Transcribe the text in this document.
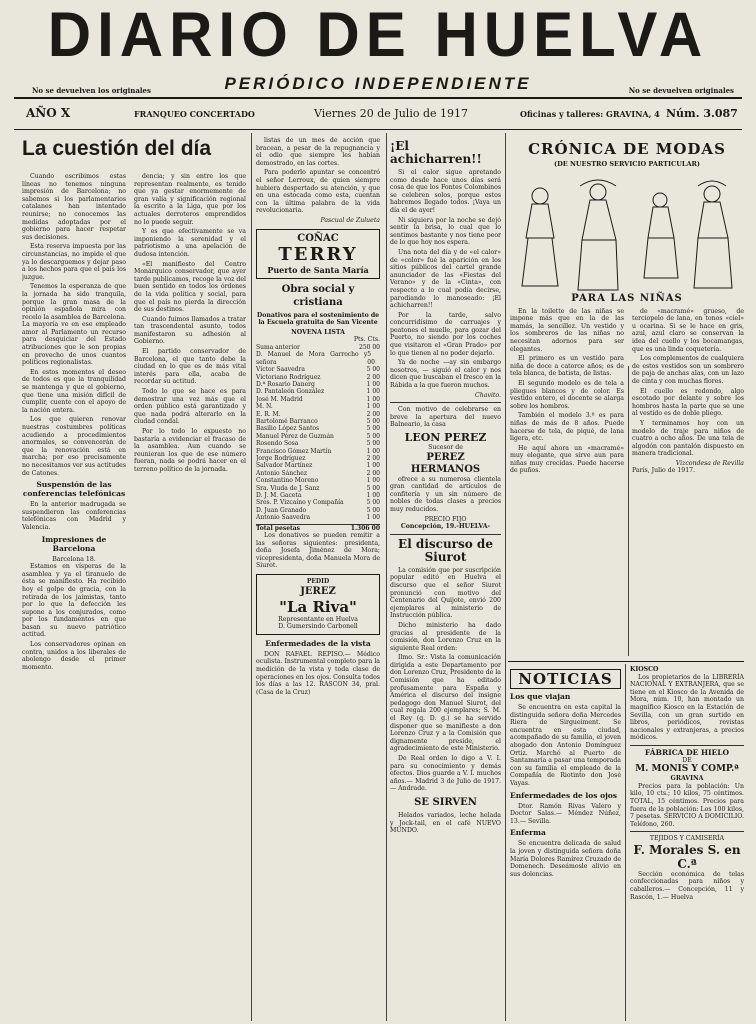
DIARIO DE HUELVA
PERIÓDICO INDEPENDIENTE
No se devuelven los originales	No se devuelven originales
AÑO X	FRANQUEO CONCERTADO	Viernes 20 de Julio de 1917	Oficinas y talleres: GRAVINA, 4 Núm. 3.087
La cuestión del día

Cuando escribimos estas líneas no tenemos ninguna impresión de Barcelona; no sabemos si los parlamentarios catalanes han intentado reunirse; no conocemos las medidas adoptadas por el gobierno para hacer respetar sus decisiones.

Esta reserva impuesta por las circunstancias, no impide el que ya lo descarguemos y dejar paso a los hechos para que el país los juzgue.

Tenemos la esperanza de que la jornada ha sido tranquila, porque la gran masa de la opinión española mira con recelo la asamblea de Barcelona. La mayoría ve en ese empleado amor al Parlamento un recurso para desquiciar del Estado atribuciones que le son propias en provecho de unos cuantos políticos regionalistas.

En estos momentos el deseo de todos es que la tranquilidad se mantenga y que el gobierno, que tiene una misión difícil de cumplir, cuente con el apoyo de la nación entera.

Los que quieren renovar nuestras costumbres políticas acudiendo a procedimientos anormales, se convencerán de que la renovación está en marcha; por eso precisamente no necesitamos ver sus actitudes de Catones.

Suspensión de las conferencias telefónicas

En la anterior madrugada se suspendieron las conferencias telefónicas con Madrid y Valencia.

Impresiones de Barcelona
Barcelona 18.

Estamos en vísperas de la asamblea y ya el tiranuelo de ésta se manifiesto. Ha recibido hoy el golpe de gracia, con la retirada de los jaimistas, tanto por lo que la defección les supone a los conjurados, como por los fundamentos en que basan su nuevo patriótico actitud.

Los conservadores opinan en contra, unidos a los liberales de abolengo desde el primer momento.

dencia; y sin entre los que representan realmente, es tenido que ya gestar enormemente de gran valía y significación regional la escrito a la Liga, que por los actuales derroteros emprendidos no lo puede seguir.

Y es que efectivamente se va imponiendo la serenidad y el patriotismo a una apelación de dudosa intención.

«El manifiesto del Centro Monárquico conservador, que ayer tarde publicamos, recoge la voz del buen sentido en todos los órdenes de la vida política y social, para que el país no pierda la dirección de sus destinos.

Cuando fuimos llamados a tratar tan trascendental asunto, todos manifestaron su adhesión al Gobierno.

El partido conservador de Barcelona, el que tanto debe la ciudad en lo que es de más vital interés para ella, acaba de recordar su actitud.

Todo lo que se hace es para demostrar una vez más que el orden público está garantizado y que nada podrá alterarlo en la ciudad condal.

Por lo todo lo expuesto no bastaría a evidenciar el fracaso de la asamblea. Aun cuando se reunieran los que de ese número fueran, nada se podrá hacer en el terreno político de la jornada.

listas de un mes de acción que bracean, a pesar de la repugnancia y el odio que siempre les habían demostrado, en las cortes.

Para poderlo apuntar se concentró el señor Lerroux, de quien siempre hubiera despertado su atención, y que en una estocada como esta, cuentan con la última palabra de la vida revolucionaria.

Pascual de Zulueta
COÑAC
TERRY
Puerto de Santa María
Obra social y cristiana

Donativos para el sostenimiento de la Escuela gratuita de San Vicente

NOVENA LISTA
Pts. Cts.
Suma anterior	250 00
D. Manuel de Mora Garrocho y señora
5 00
Víctor Saavedra	5 00
Victoriano Rodríguez	2 00
D.ª Rosario Danerg	1 00
D. Pantaleón González	1 00
José M. Madrid	1 00
M. N.	1 00
E. R. M.	2 00
Bartolomé Barranco	5 00
Basilio López Santos	5 00
Manuel Pérez de Guzmán	5 00
Rosendo Sosa	5 00
Francisco Gómez Martín	1 00
Jorge Rodríguez	2 00
Salvador Martínez	1 00
Antonio Sánchez	2 00
Constantino Moreno	1 00
Sra. Viuda de J. Sanz	5 00
D. J. M. Gaceta	1 00
Sres. P. Vizcaíno y Compañía	5 00
D. Juan Granado	5 00
Antonio Saavedra	1 00
Total pesetas	1.306 00

Los donativos se pueden remitir a las señoras siguientes: presidenta, doña Josefa Jiménez de Mora; vicepresidenta, doña Manuela Mora de Siurot.

PEDID
JEREZ
"La Riva"
Representante en Huelva
D. Gumersindo Carbonell
Enfermedades de la vista

DON RAFAEL REPISO.— Médico oculista. Instrumental completo para la medición de la vista y toda clase de operaciones en los ojos. Consulta todos los días a las 12. RASCON 34, pral. (Casa de la Cruz)

¡El achicharren!!

Si el calor sigue apretando como desde hace unos días será cosa de que los Fontes Colombinos se celebren solos, porque estos habremos llegado todos. ¡Vaya un día el de ayer!

Ni siquiera por la noche se dejó sentir la brisa, lo cual que lo sentimos bastante y nos tiene peor de lo que hoy nos espera.

Una nota del día y de «el calor» de «color» fué la aparición en los sitios públicos del cartel grande anunciador de las «Fiestas del Verano» y de la «Cinta», con respecto a lo cual podía decirse, parodiando lo manoseado: ¡El achicharren!!

Por la tarde, salvo concurridísimo de carruajes y peatones el muelle, para gozar del Puerto, no siendo por los coches que visitaron el «Gran Prado» por lo que tienen al no poder dejarlo.

Ya de noche —ay sin embargo nosotros, — siguió el calor y nos dicen que buscaban el fresco en la Rábida a la que fueron muchos.

Chavito.

Con motivo de celebrarse en breve la apertura del nuevo Balneario, la casa

LEON PEREZ
Sucesor de
PEREZ HERMANOS

ofrece a su numerosa clientela gran cantidad de artículos de confitería y un sin número de nobles de todas clases a precios muy reducidos.

PRECIO FIJO
Concepción, 19.-HUELVA-
El discurso de Siurot

La comisión que por suscripción popular editó en Huelva el discurso que el señor Siurot pronunció con motivo del Centenario del Quijote, envió 200 ejemplares al ministerio de Instrucción pública.

Dicho ministerio ha dado gracias al presidente de la comisión, don Lorenzo Cruz en la siguiente Real orden:

Ilmo. Sr.: Vista la comunicación dirigida a este Departamento por don Lorenzo Cruz, Presidente de la Comisión que ha editado profusamente para España y América el discurso del insigne pedagogo don Manuel Siurot, del cual regala 200 ejemplares; S. M. el Rey (q. D. g.) se ha servido disponer que se manifieste a don Lorenzo Cruz y a la Comisión que dignamente preside, el agradecimiento de este Ministerio.

De Real orden lo digo a V. I. para su conocimiento y demás efectos. Dios guarde a V. I. muchos años.— Madrid 3 de Julio de 1917.— Andrade.

SE SIRVEN

Helados variados, leche helada y Jock-tail, en el café NUEVO MUNDO.

CRÓNICA DE MODAS
(DE NUESTRO SERVICIO PARTICULAR)
PARA LAS NIÑAS

En la toilette de las niñas se impone más que en la de las mamás, la sencillez. Un vestido y los sombreros de las niñas no necesitan adornos para ser elegantes.

El primero es un vestido para niña de doce a catorce años; es de tela blanca, de batista, de listas.

El segundo modelo es de tela a pliegues blancos y de color. Es vestido entero, el docente se alarga sobre los hombros.

También el modelo 3.º es para niñas de más de 8 años. Puede hacerse de tela, de piqué, de lana ligera, etc.

He aquí ahora un «macramé» muy elegante, que sirve aun para niñas muy crecidas. Puede hacerse de puños.

de «macramé» grueso, de terciopelo de lana, en tonos «ciel» u ocarina. Si se le hace en gris, azul, azul claro se conservan la idea del cuello y los bocamangas, que es una linda coquetería.

Los complementos de cualquiera de estos vestidos son un sombrero de paja de anchas alas, con un lazo de cinta y con muchas flores.

El cuello es redondo, algo escotado por delante y sobre los hombros hasta la parte que se une al vestido es de doble pliego.

Y terminamos hoy con un modelo de traje para niños de cuatro a ocho años. De una tela de algodón con pantalón dispuesto en manera tradicional.

Vizcondesa de Revilla
París, Julio de 1917.
NOTICIAS
Los que viajan

Se encuentra en esta capital la distinguida señora doña Mercedes Riera de Sirgueiment. Se encuentra en esta ciudad, acompañado de su familia, el joven abogado don Antonio Domínguez Ortiz. Marchó al Puerto de Santamaría a pasar una temporada con su familia el empleado de la Compañía de Riotinto don José Vayas.

Enfermedades de los ojos

Dtor. Ramón Rivas Valero y Doctor Salas.— Méndez Núñez, 13.— Sevilla.

Enferma

Se encuentra delicada de salud la joven y distinguida señora doña María Dolores Ramírez Cruzado de Domenech. Deseámosle alivio en sus dolencias.

KIOSCO

Los propietarios de la LIBRERÍA NACIONAL Y EXTRANJERA, que se tiene en el Kiosco de la Avenida de Mora, núm. 10, han montado un magnífico Kiosco en la Estación de Sevilla, con un gran surtido en libros, periódicos, revistas nacionales y extranjeras, a precios módicos.

FÁBRICA DE HIELO
DE
M. MONIS Y COMP.ª
GRAVINA

Precios para la población: Un kilo, 10 cts.; 10 kilos, 75 céntimos. TOTAL, 15 céntimos. Precios para fuera de la población: Los 100 kilos, 7 pesetas. SERVICIO A DOMICILIO. Teléfono, 260.

TEJIDOS Y CAMISERÍA
F. Morales S. en C.ª

Sección económica de telas confeccionadas para niños y caballeros.— Concepción, 11 y Rascón, 1.— Huelva
